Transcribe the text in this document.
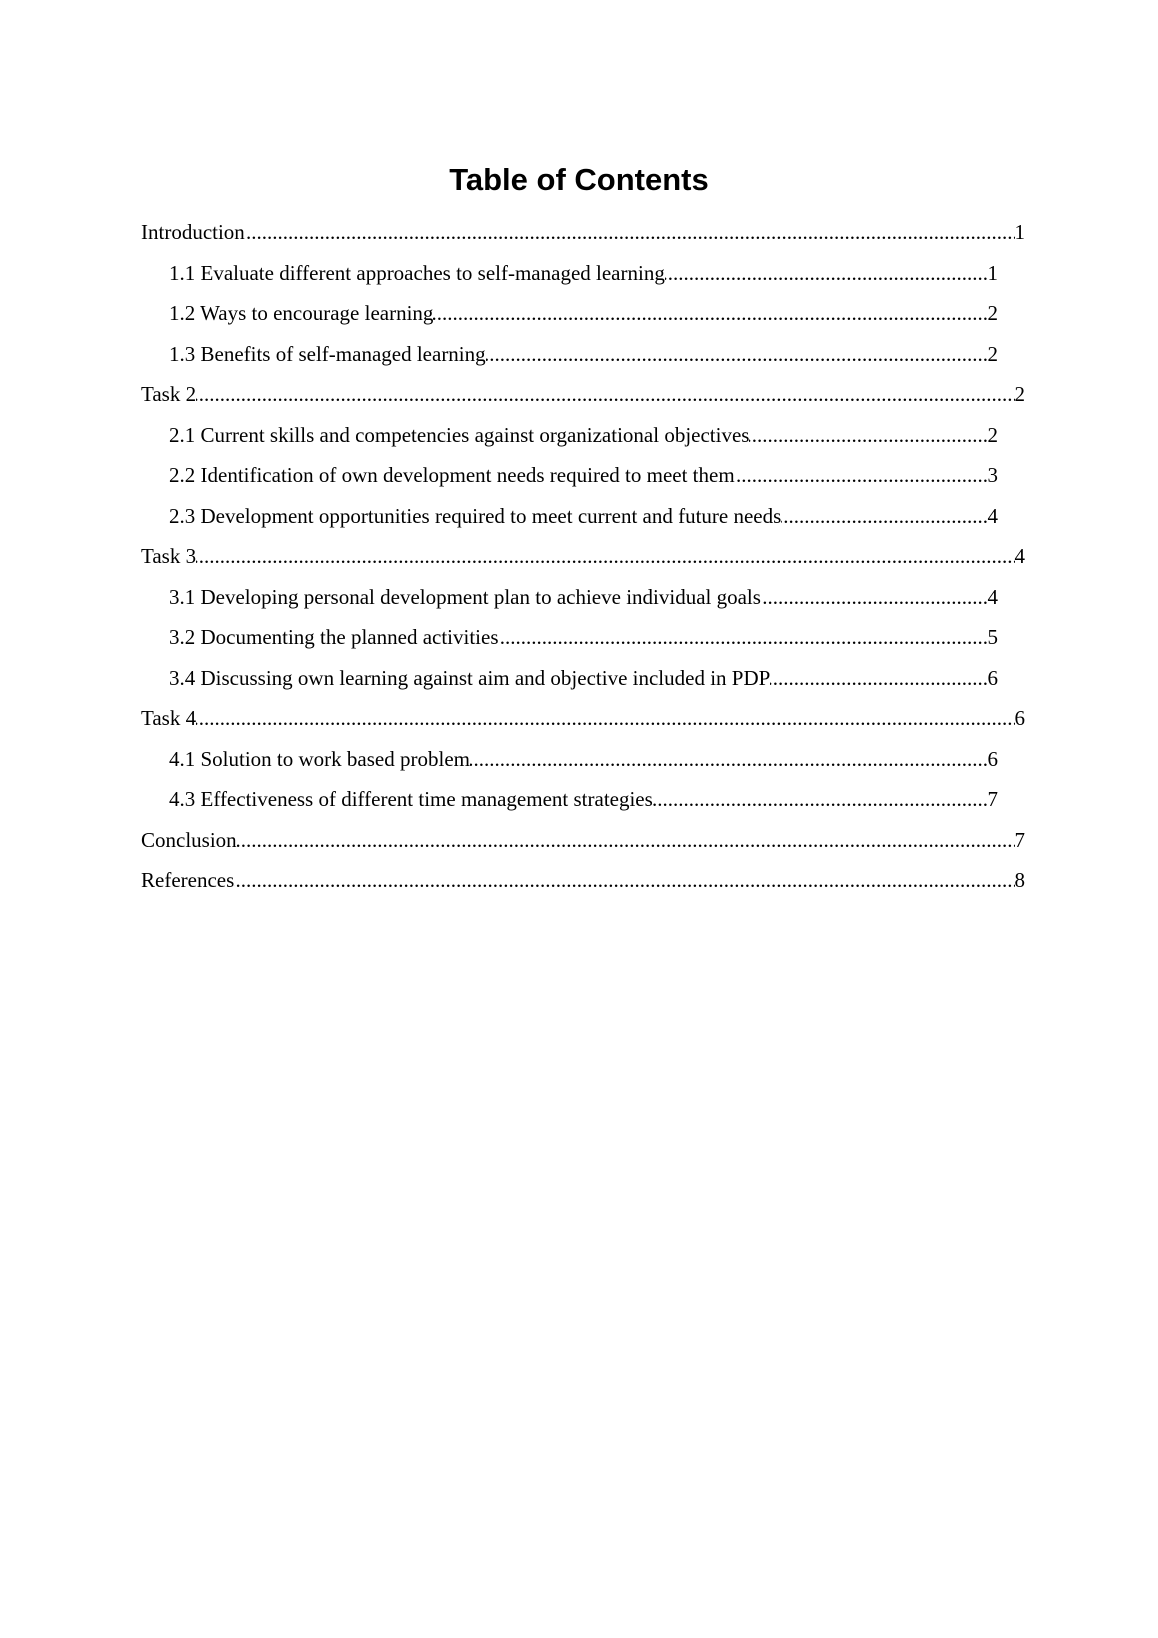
Table of Contents
.....
Introduction	1
.....
1.1 Evaluate different approaches to self-managed learning	1
.....
1.2 Ways to encourage learning	2
.....
1.3 Benefits of self-managed learning	2
.....
Task 2	2
.....
2.1 Current skills and competencies against organizational objectives	2
.....
2.2 Identification of own development needs required to meet them	3
.....
2.3 Development opportunities required to meet current and future needs	4
.....
Task 3	4
.....
3.1 Developing personal development plan to achieve individual goals	4
.....
3.2 Documenting the planned activities	5
.....
3.4 Discussing own learning against aim and objective included in PDP	6
.....
Task 4	6
.....
4.1 Solution to work based problem	6
.....
4.3 Effectiveness of different time management strategies	7
.....
Conclusion	7
.....
References	8
